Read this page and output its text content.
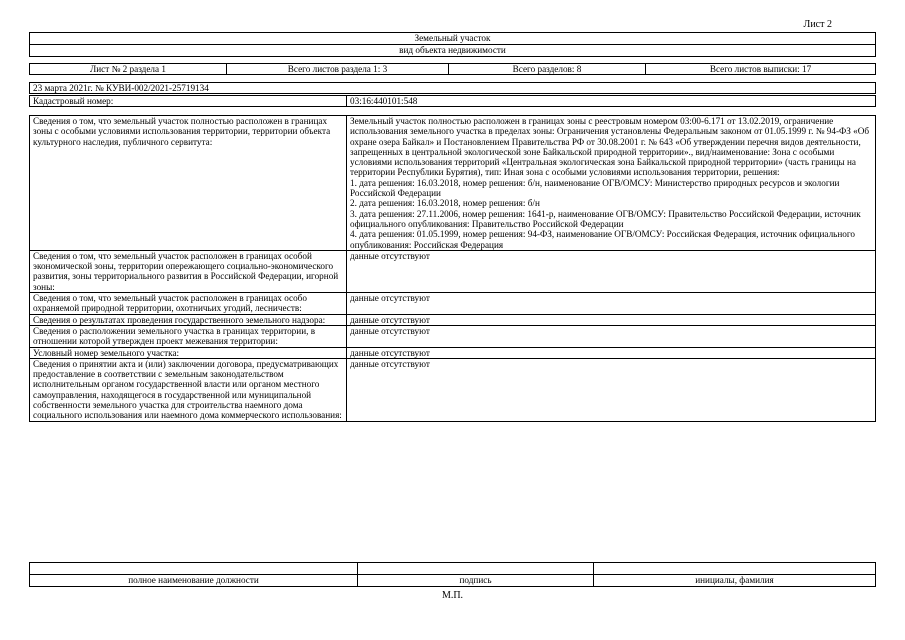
Лист 2
Земельный участок
вид объекта недвижимости
Лист № 2 раздела 1	Всего листов раздела 1: 3	Всего разделов: 8	Всего листов выписки: 17
23 марта 2021г. № КУВИ-002/2021-25719134
Кадастровый номер:	03:16:440101:548
Сведения о том, что земельный участок полностью расположен в границах зоны с особыми условиями использования территории, территории объекта культурного наследия, публичного сервитута:	Земельный участок полностью расположен в границах зоны с реестровым номером 03:00-6.171 от 13.02.2019, ограничение использования земельного участка в пределах зоны: Ограничения установлены Федеральным законом от 01.05.1999 г. № 94-ФЗ «Об охране озера Байкал» и Постановлением Правительства РФ от 30.08.2001 г. № 643 «Об утверждении перечня видов деятельности, запрещенных в центральной экологической зоне Байкальской природной территории»., вид/наименование: Зона с особыми условиями использования территорий «Центральная экологическая зона Байкальской природной территории» (часть границы на территории Республики Бурятия), тип: Иная зона с особыми условиями использования территории, решения:
1. дата решения: 16.03.2018, номер решения: б/н, наименование ОГВ/ОМСУ: Министерство природных ресурсов и экологии Российской Федерации
2. дата решения: 16.03.2018, номер решения: б/н
3. дата решения: 27.11.2006, номер решения: 1641-р, наименование ОГВ/ОМСУ: Правительство Российской Федерации, источник официального опубликования: Правительство Российской Федерации
4. дата решения: 01.05.1999, номер решения: 94-ФЗ, наименование ОГВ/ОМСУ: Российская Федерация, источник официального опубликования: Российская Федерация

Сведения о том, что земельный участок расположен в границах особой экономической зоны, территории опережающего социально-экономического развития, зоны территориального развития в Российской Федерации, игорной зоны:	данные отсутствуют

Сведения о том, что земельный участок расположен в границах особо охраняемой природной территории, охотничьих угодий, лесничеств:	данные отсутствуют

Сведения о результатах проведения государственного земельного надзора:	данные отсутствуют

Сведения о расположении земельного участка в границах территории, в отношении которой утвержден проект межевания территории:	данные отсутствуют

Условный номер земельного участка:	данные отсутствуют

Сведения о принятии акта и (или) заключении договора, предусматривающих предоставление в соответствии с земельным законодательством исполнительным органом государственной власти или органом местного самоуправления, находящегося в государственной или муниципальной собственности земельного участка для строительства наемного дома социального использования или наемного дома коммерческого использования:	данные отсутствуют

полное наименование должности	подпись	инициалы, фамилия
М.П.
